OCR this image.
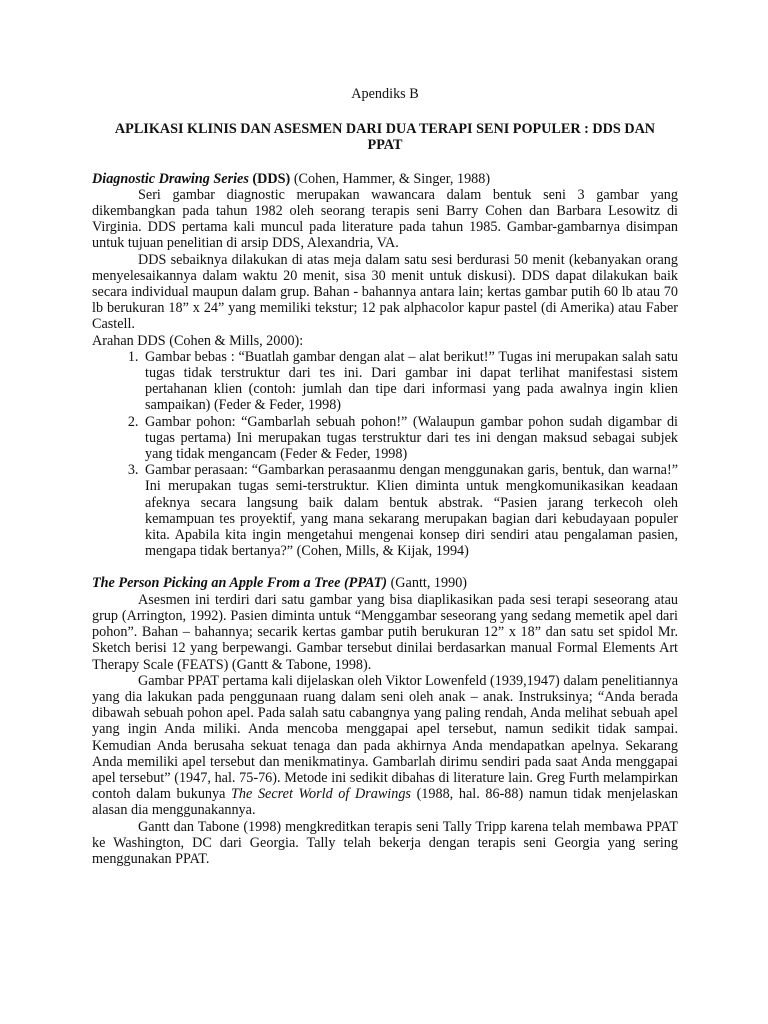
Apendiks B
APLIKASI KLINIS DAN ASESMEN DARI DUA TERAPI SENI POPULER : DDS DAN PPAT
Diagnostic Drawing Series (DDS) (Cohen, Hammer, & Singer, 1988)

Seri gambar diagnostic merupakan wawancara dalam bentuk seni 3 gambar yang dikembangkan pada tahun 1982 oleh seorang terapis seni Barry Cohen dan Barbara Lesowitz di Virginia. DDS pertama kali muncul pada literature pada tahun 1985. Gambar-gambarnya disimpan untuk tujuan penelitian di arsip DDS, Alexandria, VA.

DDS sebaiknya dilakukan di atas meja dalam satu sesi berdurasi 50 menit (kebanyakan orang menyelesaikannya dalam waktu 20 menit, sisa 30 menit untuk diskusi). DDS dapat dilakukan baik secara individual maupun dalam grup. Bahan - bahannya antara lain; kertas gambar putih 60 lb atau 70 lb berukuran 18” x 24” yang memiliki tekstur; 12 pak alphacolor kapur pastel (di Amerika) atau Faber Castell.

Arahan DDS (Cohen & Mills, 2000):

1. Gambar bebas : “Buatlah gambar dengan alat – alat berikut!” Tugas ini merupakan salah satu tugas tidak terstruktur dari tes ini. Dari gambar ini dapat terlihat manifestasi sistem pertahanan klien (contoh: jumlah dan tipe dari informasi yang pada awalnya ingin klien sampaikan) (Feder & Feder, 1998)
2. Gambar pohon: “Gambarlah sebuah pohon!” (Walaupun gambar pohon sudah digambar di tugas pertama) Ini merupakan tugas terstruktur dari tes ini dengan maksud sebagai subjek yang tidak mengancam (Feder & Feder, 1998)
3. Gambar perasaan: “Gambarkan perasaanmu dengan menggunakan garis, bentuk, dan warna!” Ini merupakan tugas semi-terstruktur. Klien diminta untuk mengkomunikasikan keadaan afeknya secara langsung baik dalam bentuk abstrak. “Pasien jarang terkecoh oleh kemampuan tes proyektif, yang mana sekarang merupakan bagian dari kebudayaan populer kita. Apabila kita ingin mengetahui mengenai konsep diri sendiri atau pengalaman pasien, mengapa tidak bertanya?” (Cohen, Mills, & Kijak, 1994)
The Person Picking an Apple From a Tree (PPAT) (Gantt, 1990)

Asesmen ini terdiri dari satu gambar yang bisa diaplikasikan pada sesi terapi seseorang atau grup (Arrington, 1992). Pasien diminta untuk “Menggambar seseorang yang sedang memetik apel dari pohon”. Bahan – bahannya; secarik kertas gambar putih berukuran 12” x 18” dan satu set spidol Mr. Sketch berisi 12 yang berpewangi. Gambar tersebut dinilai berdasarkan manual Formal Elements Art Therapy Scale (FEATS) (Gantt & Tabone, 1998).

Gambar PPAT pertama kali dijelaskan oleh Viktor Lowenfeld (1939,1947) dalam penelitiannya yang dia lakukan pada penggunaan ruang dalam seni oleh anak – anak. Instruksinya; “Anda berada dibawah sebuah pohon apel. Pada salah satu cabangnya yang paling rendah, Anda melihat sebuah apel yang ingin Anda miliki. Anda mencoba menggapai apel tersebut, namun sedikit tidak sampai. Kemudian Anda berusaha sekuat tenaga dan pada akhirnya Anda mendapatkan apelnya. Sekarang Anda memiliki apel tersebut dan menikmatinya. Gambarlah dirimu sendiri pada saat Anda menggapai apel tersebut” (1947, hal. 75-76). Metode ini sedikit dibahas di literature lain. Greg Furth melampirkan contoh dalam bukunya The Secret World of Drawings (1988, hal. 86-88) namun tidak menjelaskan alasan dia menggunakannya.

Gantt dan Tabone (1998) mengkreditkan terapis seni Tally Tripp karena telah membawa PPAT ke Washington, DC dari Georgia. Tally telah bekerja dengan terapis seni Georgia yang sering menggunakan PPAT.
